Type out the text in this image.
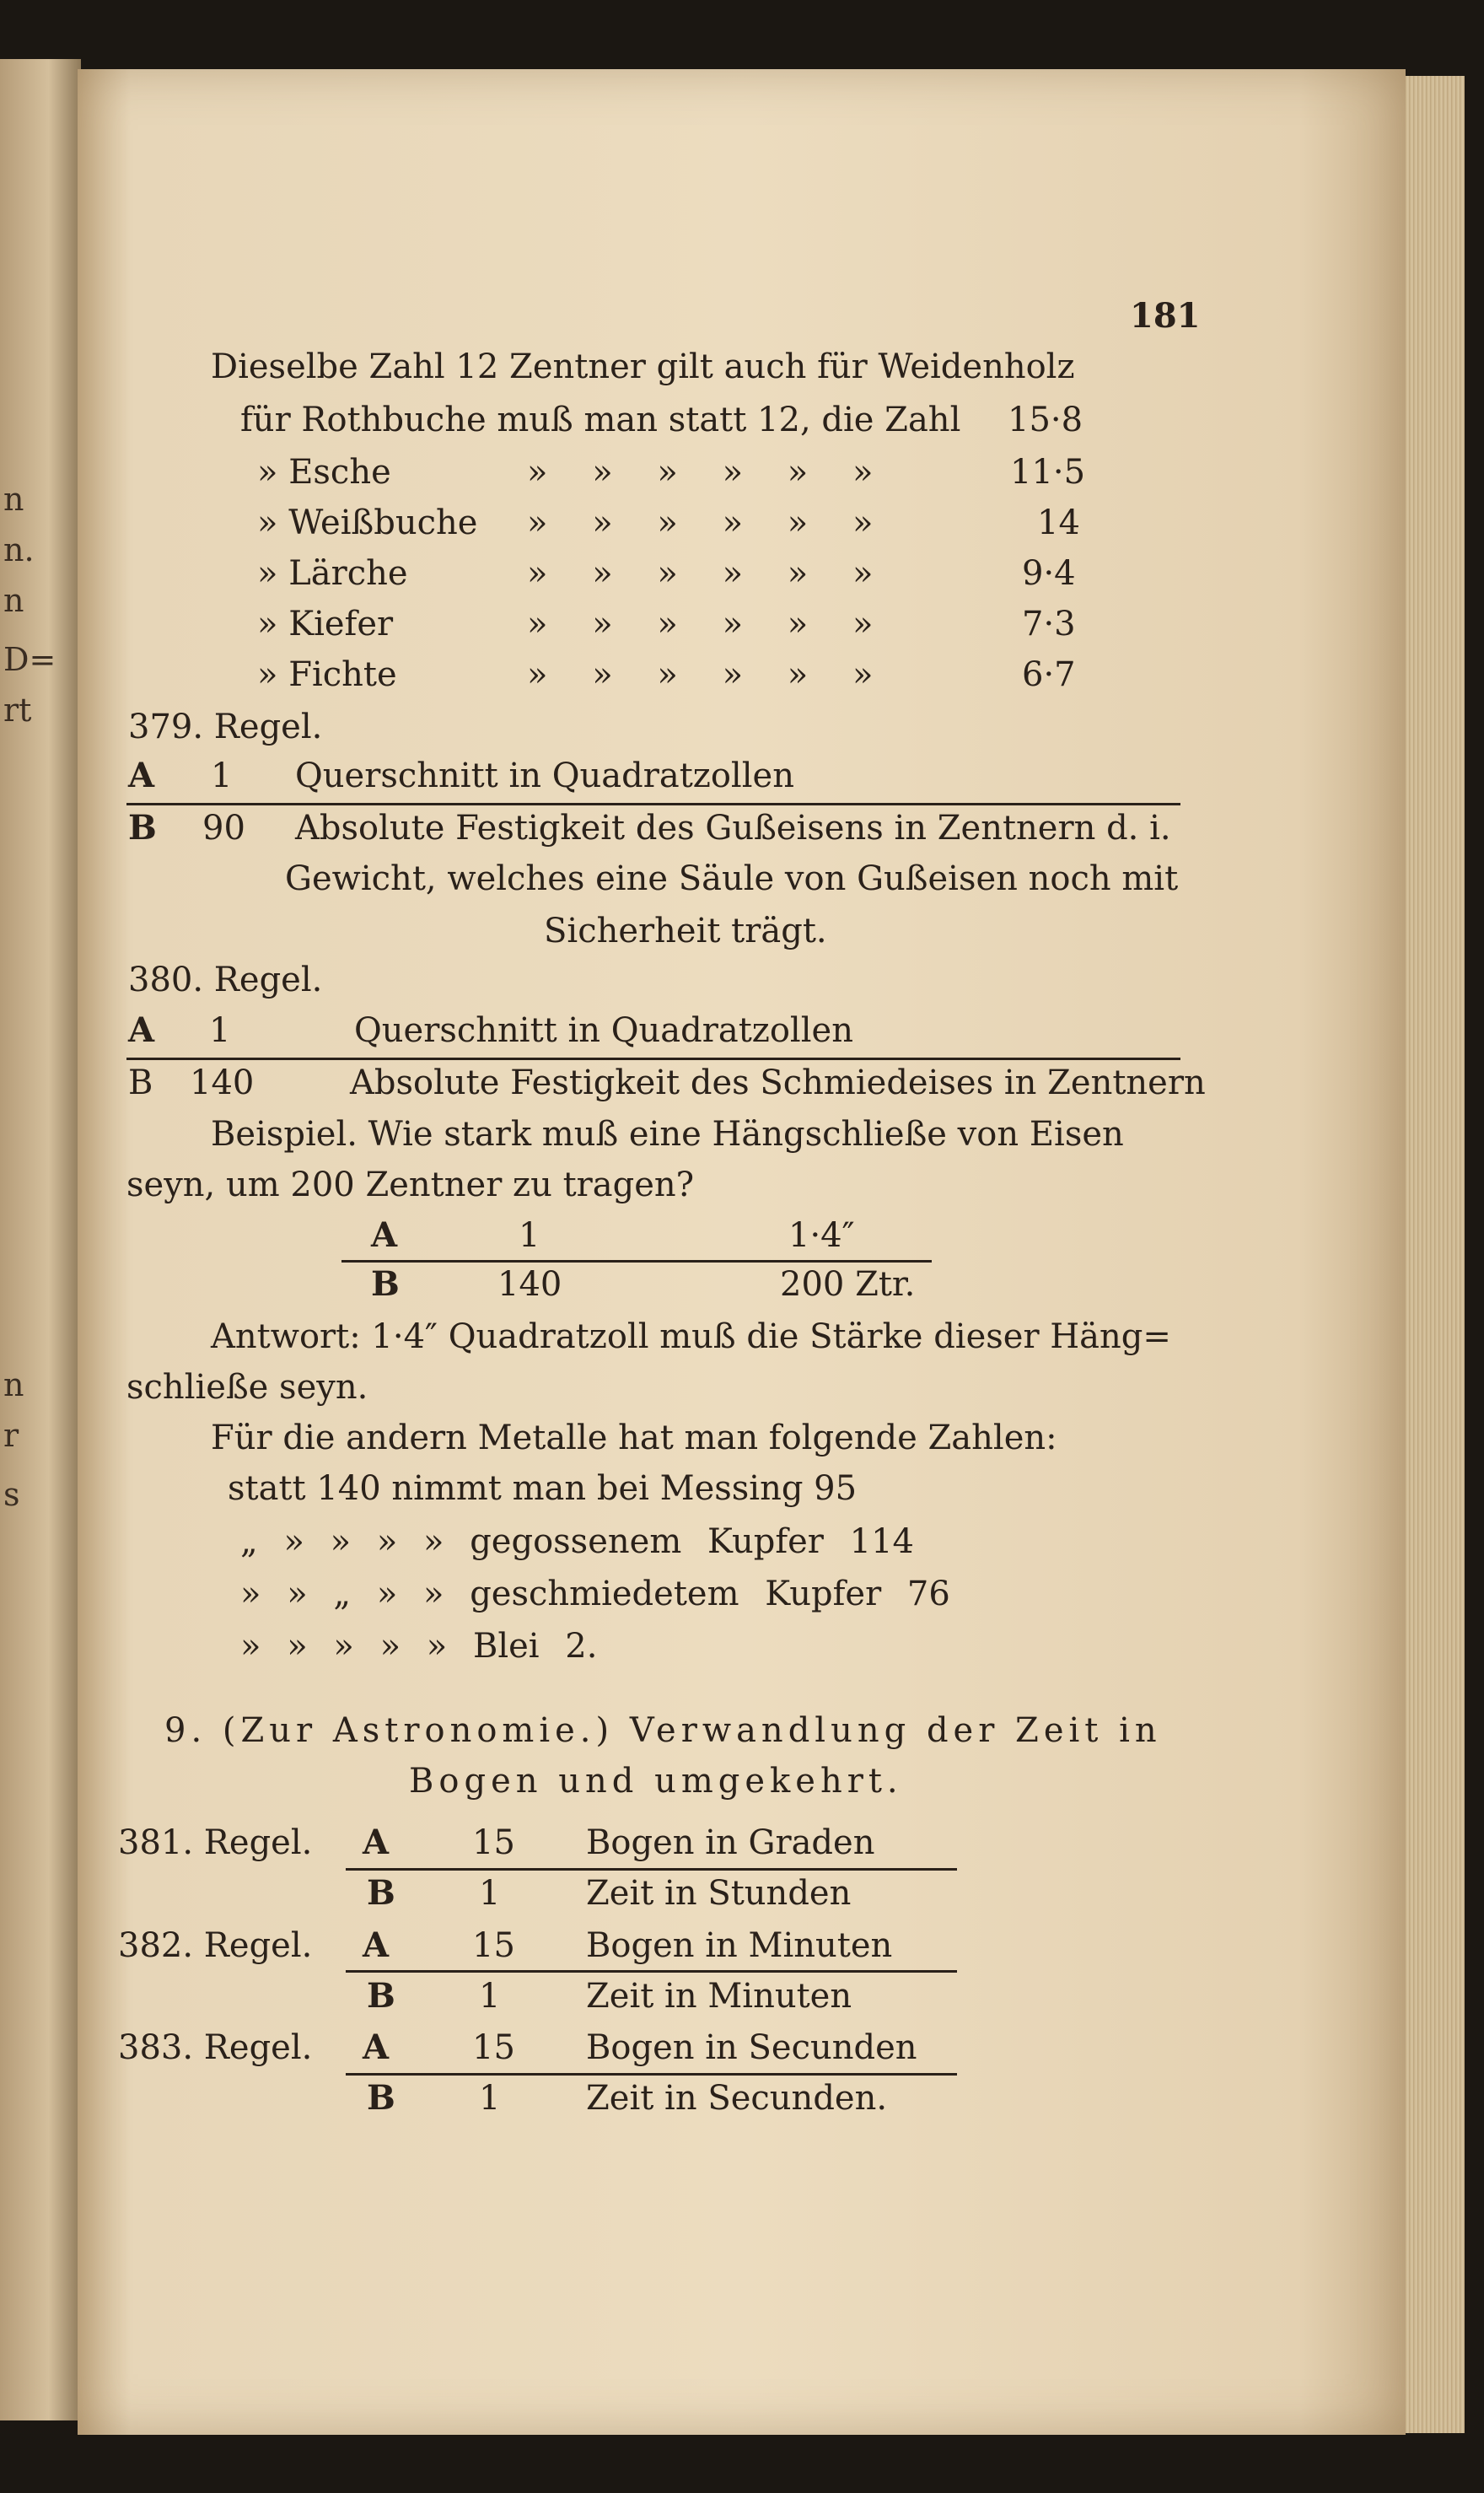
n
n.
n
D=
rt
n
r
s
181
Dieselbe Zahl 12 Zentner gilt auch für Weidenholz
für Rothbuche muß man statt 12, die Zahl 15·8
» Esche	» » » » » »	11·5
» Weißbuche » » » » » »	14
» Lärche	» » » » » »	9·4
» Kiefer	» » » » » »	7·3
» Fichte	» » » » » »	6·7
379. Regel.
A 1 Querschnitt in Quadratzollen
B 90 Absolute Festigkeit des Gußeisens in Zentnern d. i.
Gewicht, welches eine Säule von Gußeisen noch mit
Sicherheit trägt.
380. Regel.
A 1	Querschnitt in Quadratzollen
B 140	Absolute Festigkeit des Schmiedeises in Zentnern
Beispiel. Wie stark muß eine Hängschließe von Eisen
seyn, um 200 Zentner zu tragen?
A	1	1·4″
B	140	200 Ztr.
Antwort: 1·4″ Quadratzoll muß die Stärke dieser Häng=
schließe seyn.
Für die andern Metalle hat man folgende Zahlen:
statt 140 nimmt man bei Messing 95
„ » » » » gegossenem Kupfer 114
» » „ » » geschmiedetem Kupfer 76
» » » » » Blei 2.
9. (Zur Astronomie.) Verwandlung der Zeit in
Bogen und umgekehrt.
381. Regel. A 15 Bogen in Graden
B 1	Zeit in Stunden
382. Regel. A 15 Bogen in Minuten
B 1	Zeit in Minuten
383. Regel. A 15 Bogen in Secunden
B 1	Zeit in Secunden.
